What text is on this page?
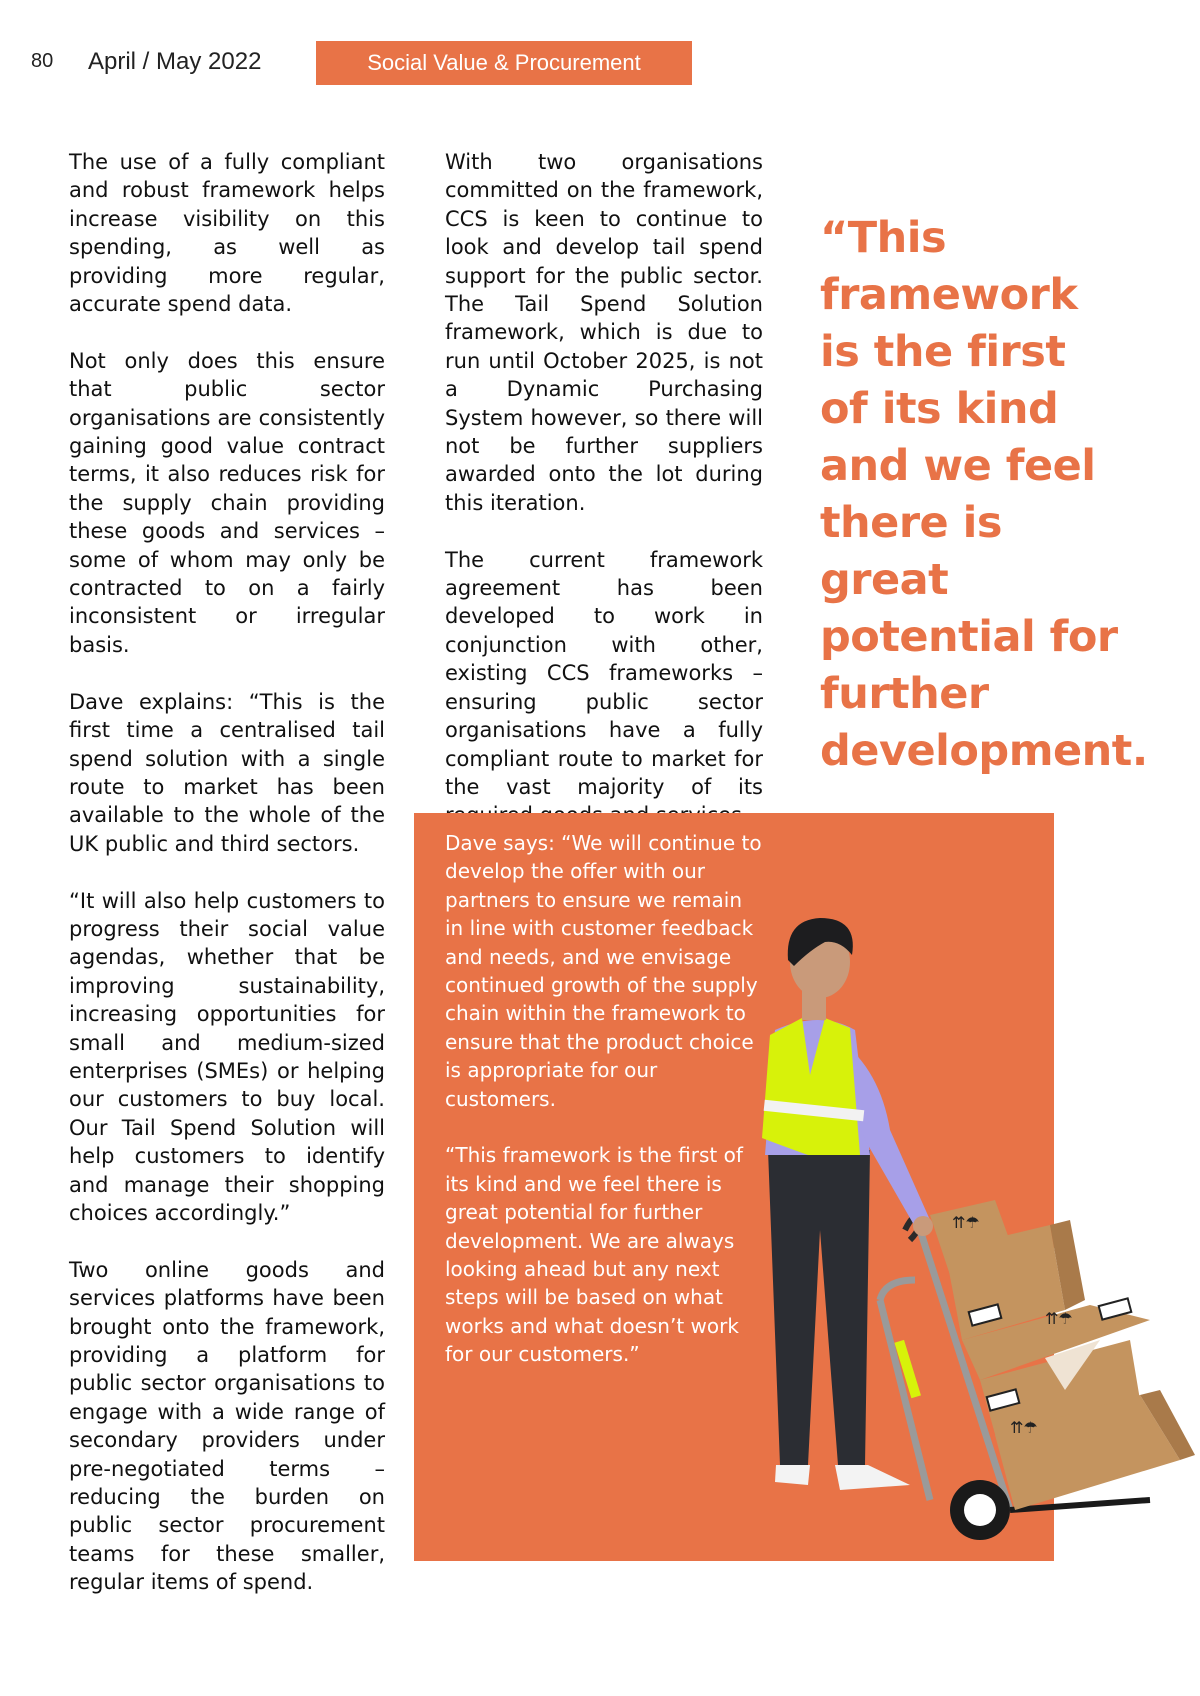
80 April / May 2022	Social Value & Procurement

The use of a fully compliant and robust framework helps increase visibility on this spending, as well as providing more regular, accurate spend data.

Not only does this ensure that public sector organisations are consistently gaining good value contract terms, it also reduces risk for the supply chain providing these goods and services – some of whom may only be contracted to on a fairly inconsistent or irregular basis.

Dave explains: “This is the first time a centralised tail spend solution with a single route to market has been available to the whole of the UK public and third sectors.

“It will also help customers to progress their social value agendas, whether that be improving sustainability, increasing opportunities for small and medium-sized enterprises (SMEs) or helping our customers to buy local. Our Tail Spend Solution will help customers to identify and manage their shopping choices accordingly.”

Two online goods and services platforms have been brought onto the framework, providing a platform for public sector organisations to engage with a wide range of secondary providers under pre-negotiated terms – reducing the burden on public sector procurement teams for these smaller, regular items of spend.

With two organisations committed on the framework, CCS is keen to continue to look and develop tail spend support for the public sector. The Tail Spend Solution framework, which is due to run until October 2025, is not a Dynamic Purchasing System however, so there will not be further suppliers awarded onto the lot during this iteration.

The current framework agreement has been developed to work in conjunction with other, existing CCS frameworks – ensuring public sector organisations have a fully compliant route to market for the vast majority of its

“This framework is the first of its kind and we feel there is great potential for further development.
⇈☂
⇈☂
⇈☂

Dave says: “We will continue to develop the offer with our partners to ensure we remain in line with customer feedback and needs, and we envisage continued growth of the supply chain within the framework to ensure that the product choice is appropriate for our customers.

“This framework is the first of its kind and we feel there is great potential for further development. We are always looking ahead but any next steps will be based on what works and what doesn’t work for our customers.”
